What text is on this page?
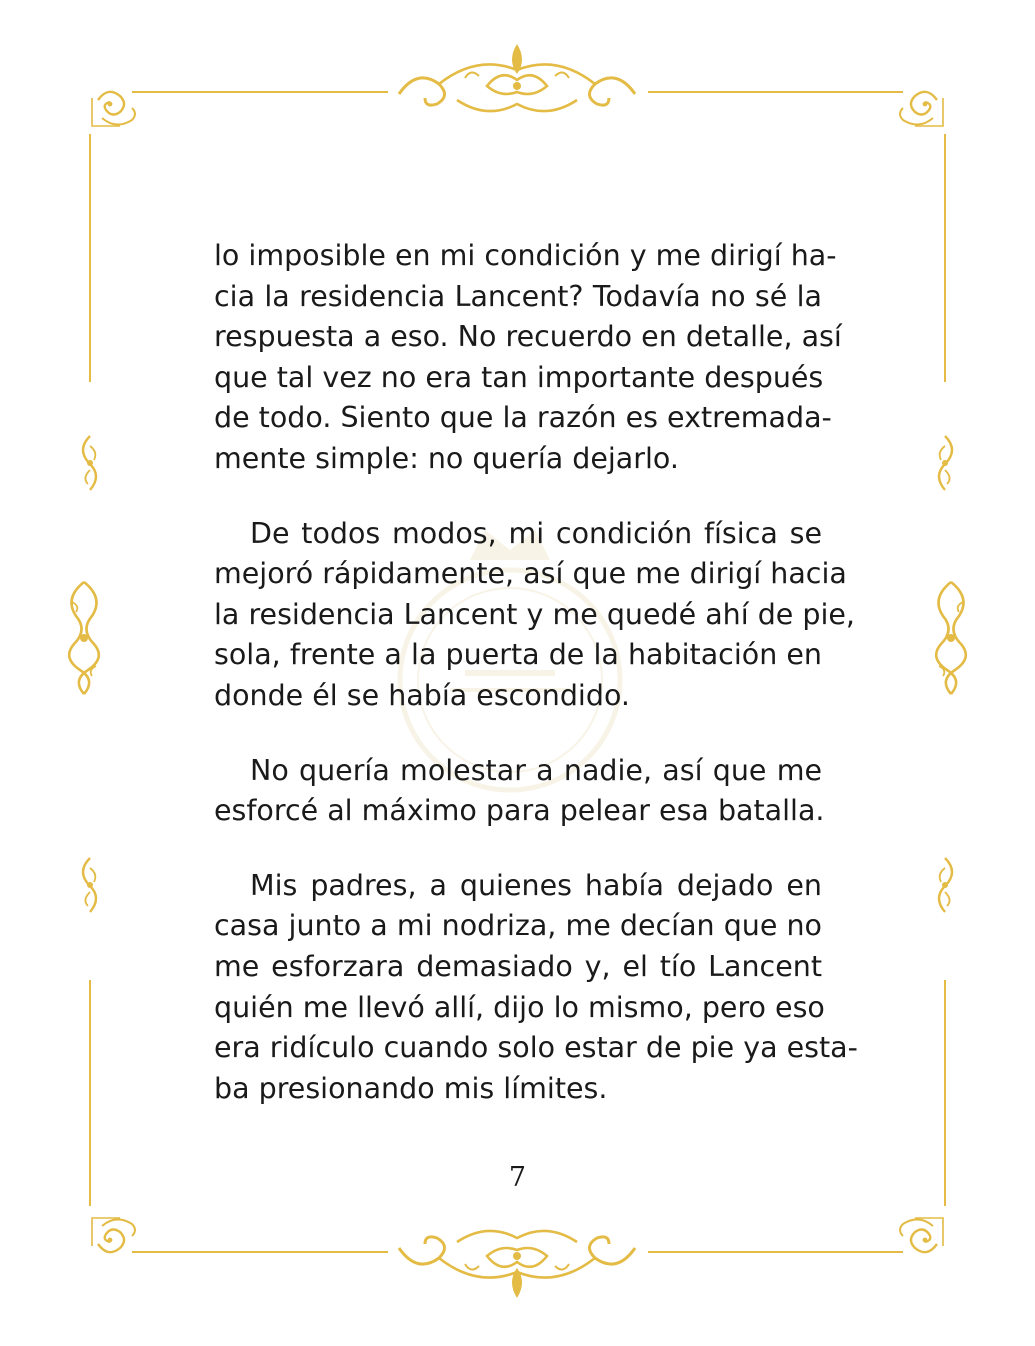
lo imposible en mi condición y me dirigí ha-
cia la residencia Lancent? Todavía no sé la
respuesta a eso. No recuerdo en detalle, así
que tal vez no era tan importante después
de todo. Siento que la razón es extremada-
mente simple: no quería dejarlo.

De todos modos, mi condición física se
mejoró rápidamente, así que me dirigí hacia
la residencia Lancent y me quedé ahí de pie,
sola, frente a la puerta de la habitación en
donde él se había escondido.

No quería molestar a nadie, así que me
esforcé al máximo para pelear esa batalla.

Mis padres, a quienes había dejado en
casa junto a mi nodriza, me decían que no
me esforzara demasiado y, el tío Lancent
quién me llevó allí, dijo lo mismo, pero eso
era ridículo cuando solo estar de pie ya esta-
ba presionando mis límites.

7
